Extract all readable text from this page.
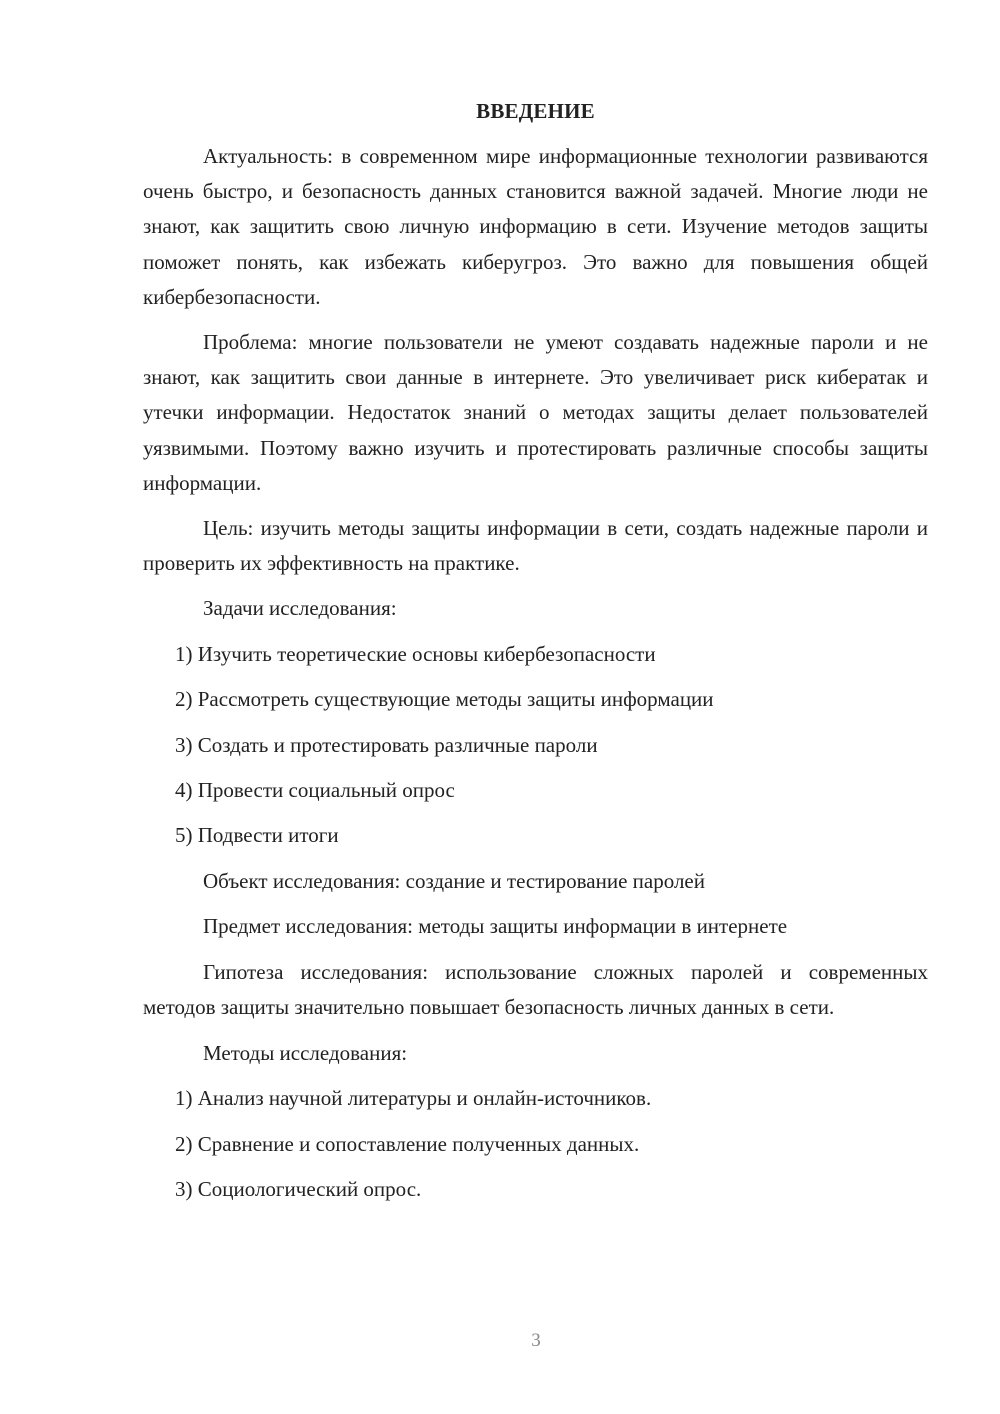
ВВЕДЕНИЕ

Актуальность: в современном мире информационные технологии развиваются очень быстро, и безопасность данных становится важной задачей. Многие люди не знают, как защитить свою личную информацию в сети. Изучение методов защиты поможет понять, как избежать киберугроз. Это важно для повышения общей кибербезопасности.

Проблема: многие пользователи не умеют создавать надежные пароли и не знают, как защитить свои данные в интернете. Это увеличивает риск кибератак и утечки информации. Недостаток знаний о методах защиты делает пользователей уязвимыми. Поэтому важно изучить и протестировать различные способы защиты информации.

Цель: изучить методы защиты информации в сети, создать надежные пароли и проверить их эффективность на практике.

Задачи исследования:
1) Изучить теоретические основы кибербезопасности
2) Рассмотреть существующие методы защиты информации
3) Создать и протестировать различные пароли
4) Провести социальный опрос
5) Подвести итоги
Объект исследования: создание и тестирование паролей
Предмет исследования: методы защиты информации в интернете

Гипотеза исследования: использование сложных паролей и современных методов защиты значительно повышает безопасность личных данных в сети.

Методы исследования:
1) Анализ научной литературы и онлайн-источников.
2) Сравнение и сопоставление полученных данных.
3) Социологический опрос.
3
